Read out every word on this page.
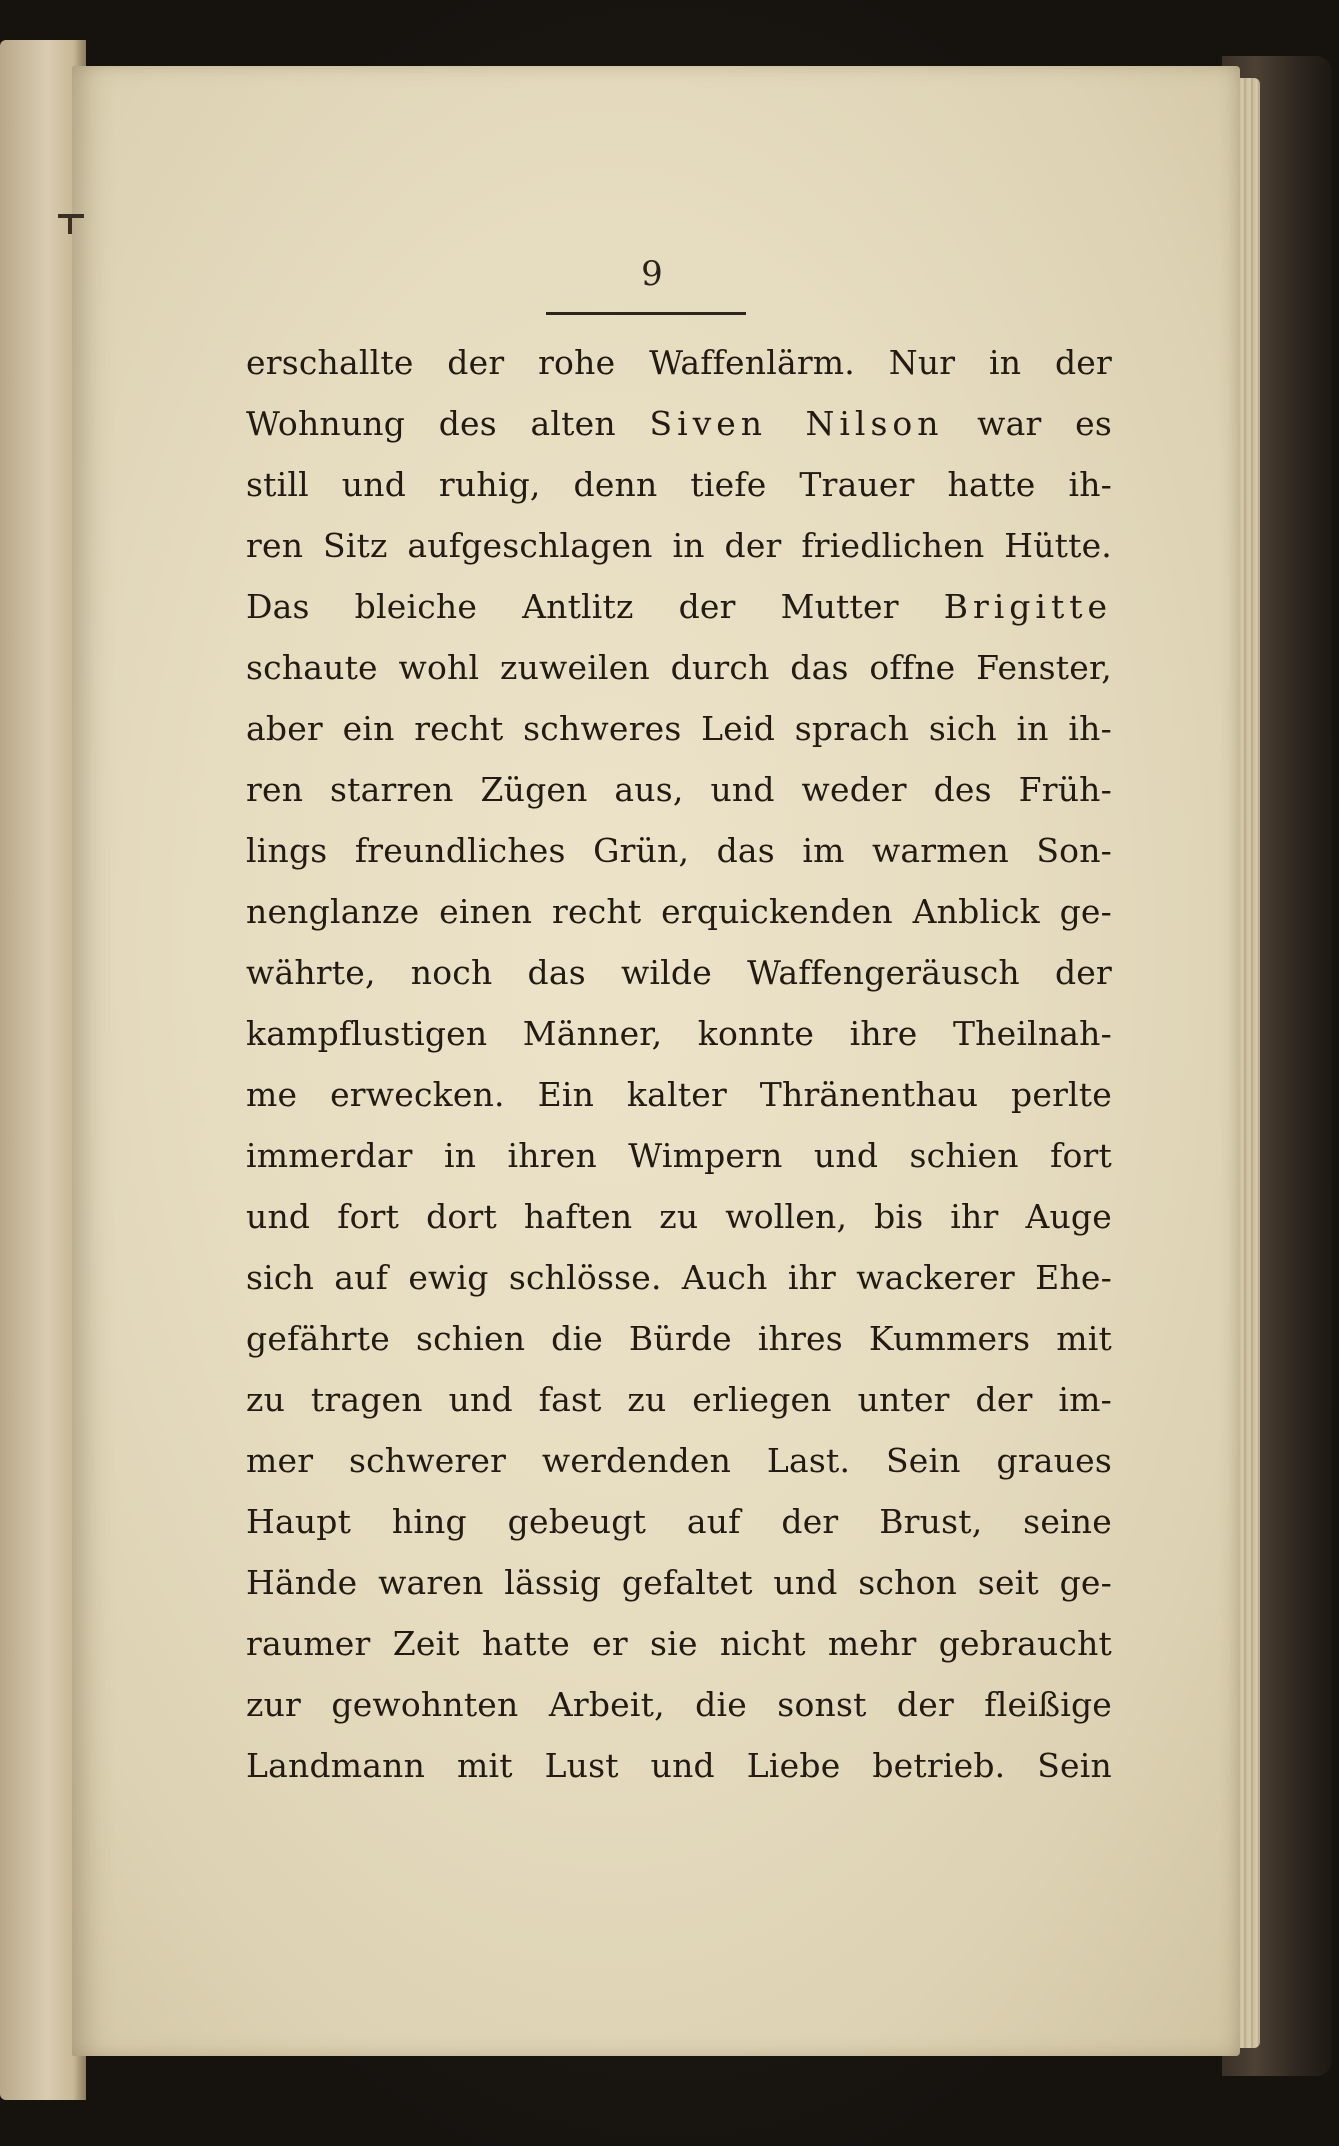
9
erschallte der rohe Waffenlärm. Nur in der
Wohnung des alten Siven Nilson war es
still und ruhig, denn tiefe Trauer hatte ih-
ren Sitz aufgeschlagen in der friedlichen Hütte.
Das bleiche Antlitz der Mutter Brigitte
schaute wohl zuweilen durch das offne Fenster,
aber ein recht schweres Leid sprach sich in ih-
ren starren Zügen aus, und weder des Früh-
lings freundliches Grün, das im warmen Son-
nenglanze einen recht erquickenden Anblick ge-
währte, noch das wilde Waffengeräusch der
kampflustigen Männer, konnte ihre Theilnah-
me erwecken. Ein kalter Thränenthau perlte
immerdar in ihren Wimpern und schien fort
und fort dort haften zu wollen, bis ihr Auge
sich auf ewig schlösse. Auch ihr wackerer Ehe-
gefährte schien die Bürde ihres Kummers mit
zu tragen und fast zu erliegen unter der im-
mer schwerer werdenden Last. Sein graues
Haupt hing gebeugt auf der Brust, seine
Hände waren lässig gefaltet und schon seit ge-
raumer Zeit hatte er sie nicht mehr gebraucht
zur gewohnten Arbeit, die sonst der fleißige
Landmann mit Lust und Liebe betrieb. Sein
